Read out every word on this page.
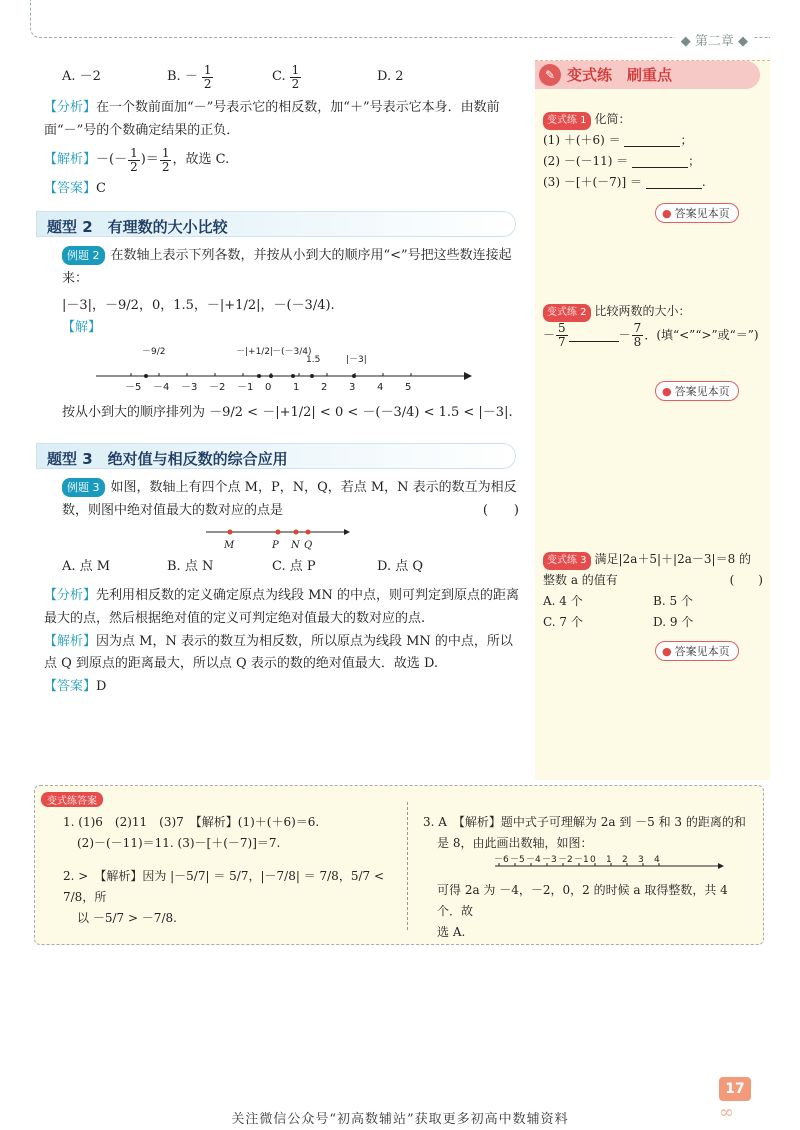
◆ 第二章 ◆
A. －2	B. － $\frac{1}{2}$	C. $\frac{1}{2}$	D. 2

【分析】在一个数前面加“－”号表示它的相反数，加“＋”号表示它本身．由数前面“－”号的个数确定结果的正负．

【解析】 －(－ $\frac{1}{2}$ )＝ $\frac{1}{2}$ ，故选 C.

【答案】C

题型 2　有理数的大小比较

例题 2 在数轴上表示下列各数，并按从小到大的顺序用“<”号把这些数连接起来：

|－3|，－9/2，0，1.5，－|+1/2|，－(－3/4).

【解】

－5 －4 －3 －2 －1 0 1 2 3 4 5
－9/2	－|+1/2|
－(－3/4)
1.5	|－3|

按从小到大的顺序排列为 －9/2 < －|+1/2| < 0 < －(－3/4) < 1.5 < |－3|.

题型 3　绝对值与相反数的综合应用

例题 3 如图，数轴上有四个点 M，P，N，Q，若点 M，N 表示的数互为相反数，则图中绝对值最大的数对应的点是	(　　)

M	P N Q
A. 点 M	B. 点 N	C. 点 P	D. 点 Q

【分析】先利用相反数的定义确定原点为线段 MN 的中点，则可判定到原点的距离最大的点，然后根据绝对值的定义可判定绝对值最大的数对应的点.

【解析】因为点 M，N 表示的数互为相反数，所以原点为线段 MN 的中点，所以点 Q 到原点的距离最大，所以点 Q 表示的数的绝对值最大．故选 D.

【答案】D

✎ 变式练　刷重点
变式练 1 化简：
(1) ＋(＋6) ＝	；
(2) －(－11) ＝	；
(3) －[＋(－7)] ＝	.
● 答案见本页
变式练 2 比较两数的大小：
－ $\frac{5}{7}$	－ $\frac{7}{8}$ ．(填“<”“>”或“＝”)
● 答案见本页
变式练 3 满足|2a＋5|＋|2a－3|＝8 的整数 a 的值有	(　　)
A. 4 个	B. 5 个
C. 7 个	D. 9 个
● 答案见本页
变式练答案
1. (1)6　(2)11　(3)7　【解析】(1)＋(＋6)＝6.
(2)－(－11)＝11. (3)－[＋(－7)]＝7.
2. >　【解析】因为 |－5/7| ＝ 5/7，|－7/8| ＝ 7/8，5/7 < 7/8，所
以 －5/7 > －7/8.
3. A　【解析】题中式子可理解为 2a 到 －5 和 3 的距离的和
是 8，由此画出数轴，如图：
－6 －5 －4 －3 －2 －1 0 1 2 3 4
可得 2a 为 －4，－2，0，2 的时候 a 取得整数，共 4 个．故
选 A.
17
∞
关注微信公众号“初高数辅站”获取更多初高中数辅资料
